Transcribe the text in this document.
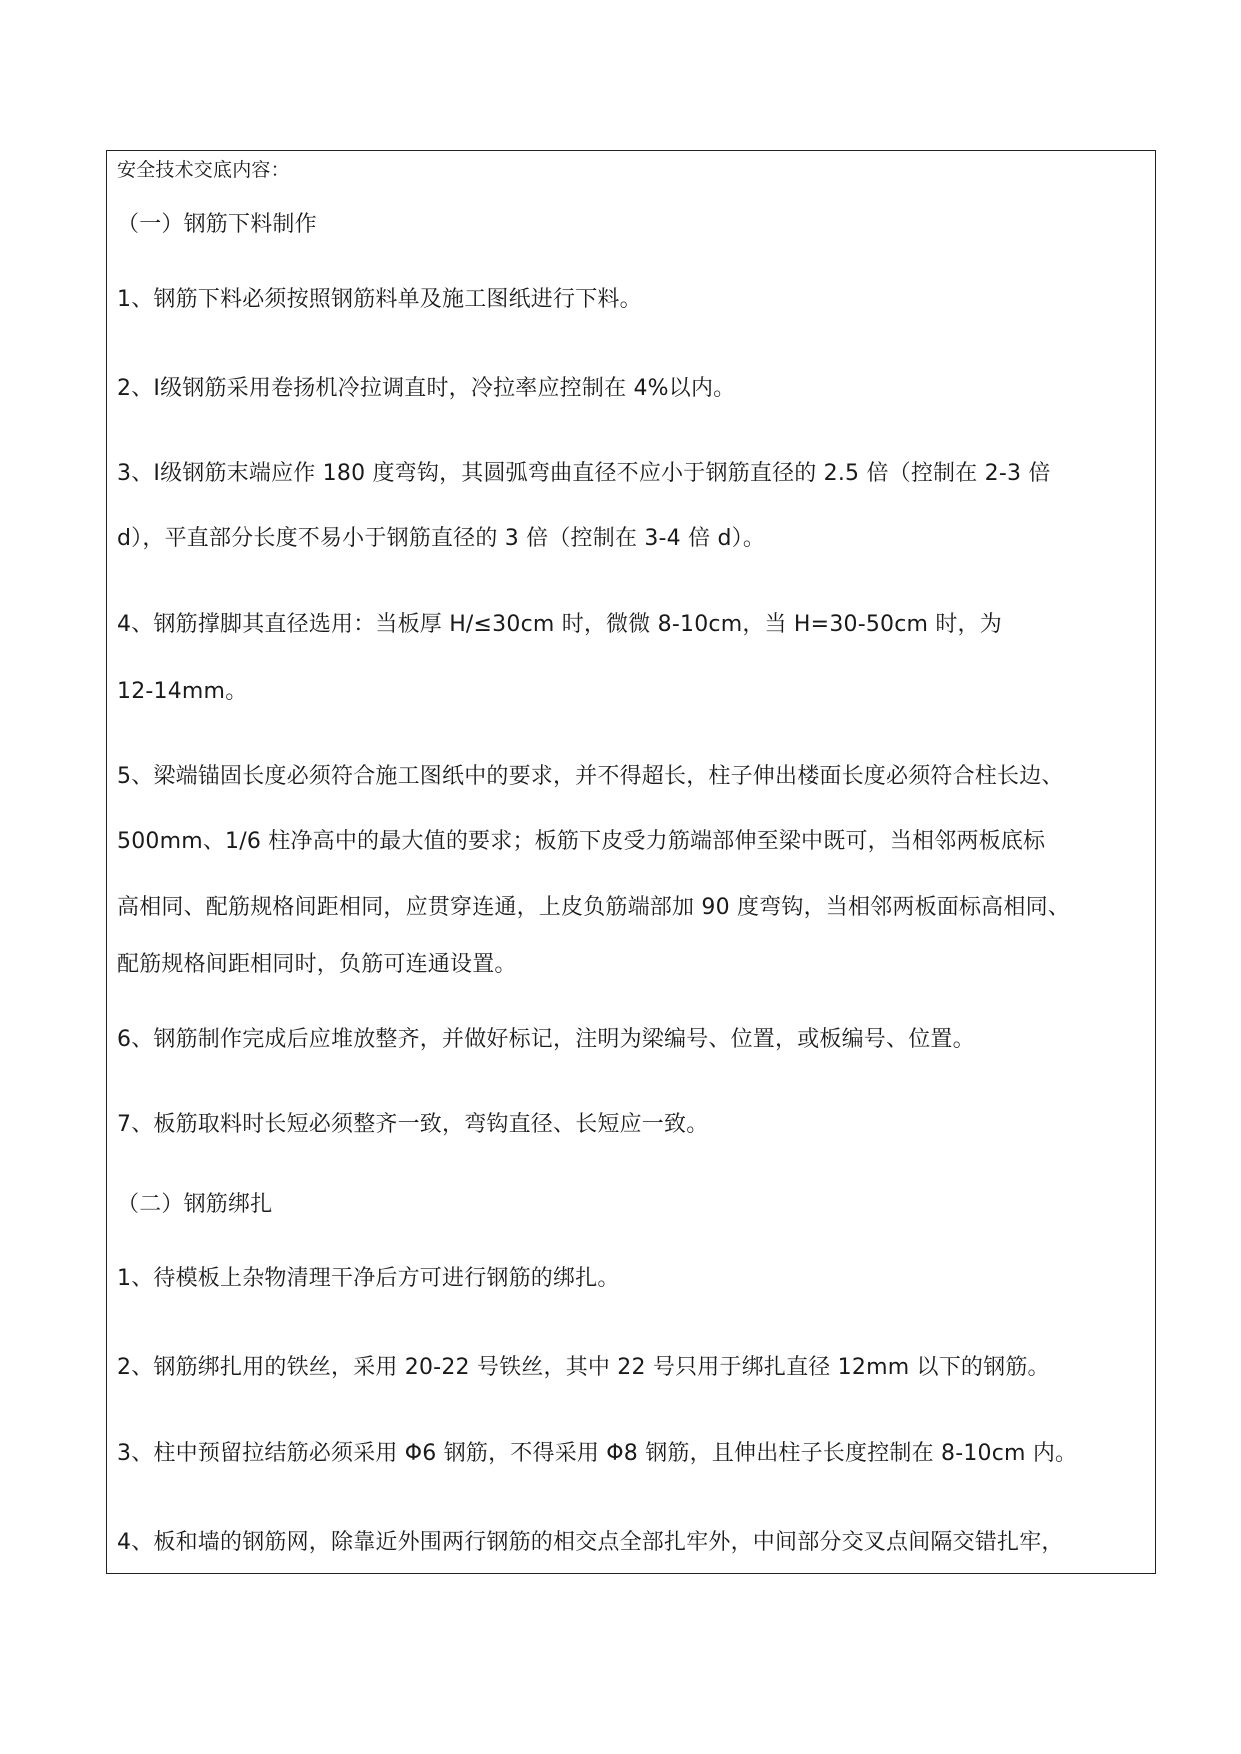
安全技术交底内容：
（一）钢筋下料制作
1、钢筋下料必须按照钢筋料单及施工图纸进行下料。
2、Ⅰ级钢筋采用卷扬机冷拉调直时，冷拉率应控制在 4%以内。
3、Ⅰ级钢筋末端应作 180 度弯钩，其圆弧弯曲直径不应小于钢筋直径的 2.5 倍（控制在 2-3 倍
d），平直部分长度不易小于钢筋直径的 3 倍（控制在 3-4 倍 d）。
4、钢筋撑脚其直径选用：当板厚 H/≤30cm 时，微微 8-10cm，当 H=30-50cm 时，为
12-14mm。
5、梁端锚固长度必须符合施工图纸中的要求，并不得超长，柱子伸出楼面长度必须符合柱长边、
500mm、1/6 柱净高中的最大值的要求；板筋下皮受力筋端部伸至梁中既可，当相邻两板底标
高相同、配筋规格间距相同，应贯穿连通，上皮负筋端部加 90 度弯钩，当相邻两板面标高相同、
配筋规格间距相同时，负筋可连通设置。
6、钢筋制作完成后应堆放整齐，并做好标记，注明为梁编号、位置，或板编号、位置。
7、板筋取料时长短必须整齐一致，弯钩直径、长短应一致。
（二）钢筋绑扎
1、待模板上杂物清理干净后方可进行钢筋的绑扎。
2、钢筋绑扎用的铁丝，采用 20-22 号铁丝，其中 22 号只用于绑扎直径 12mm 以下的钢筋。
3、柱中预留拉结筋必须采用 Φ6 钢筋，不得采用 Φ8 钢筋，且伸出柱子长度控制在 8-10cm 内。
4、板和墙的钢筋网，除靠近外围两行钢筋的相交点全部扎牢外，中间部分交叉点间隔交错扎牢，
